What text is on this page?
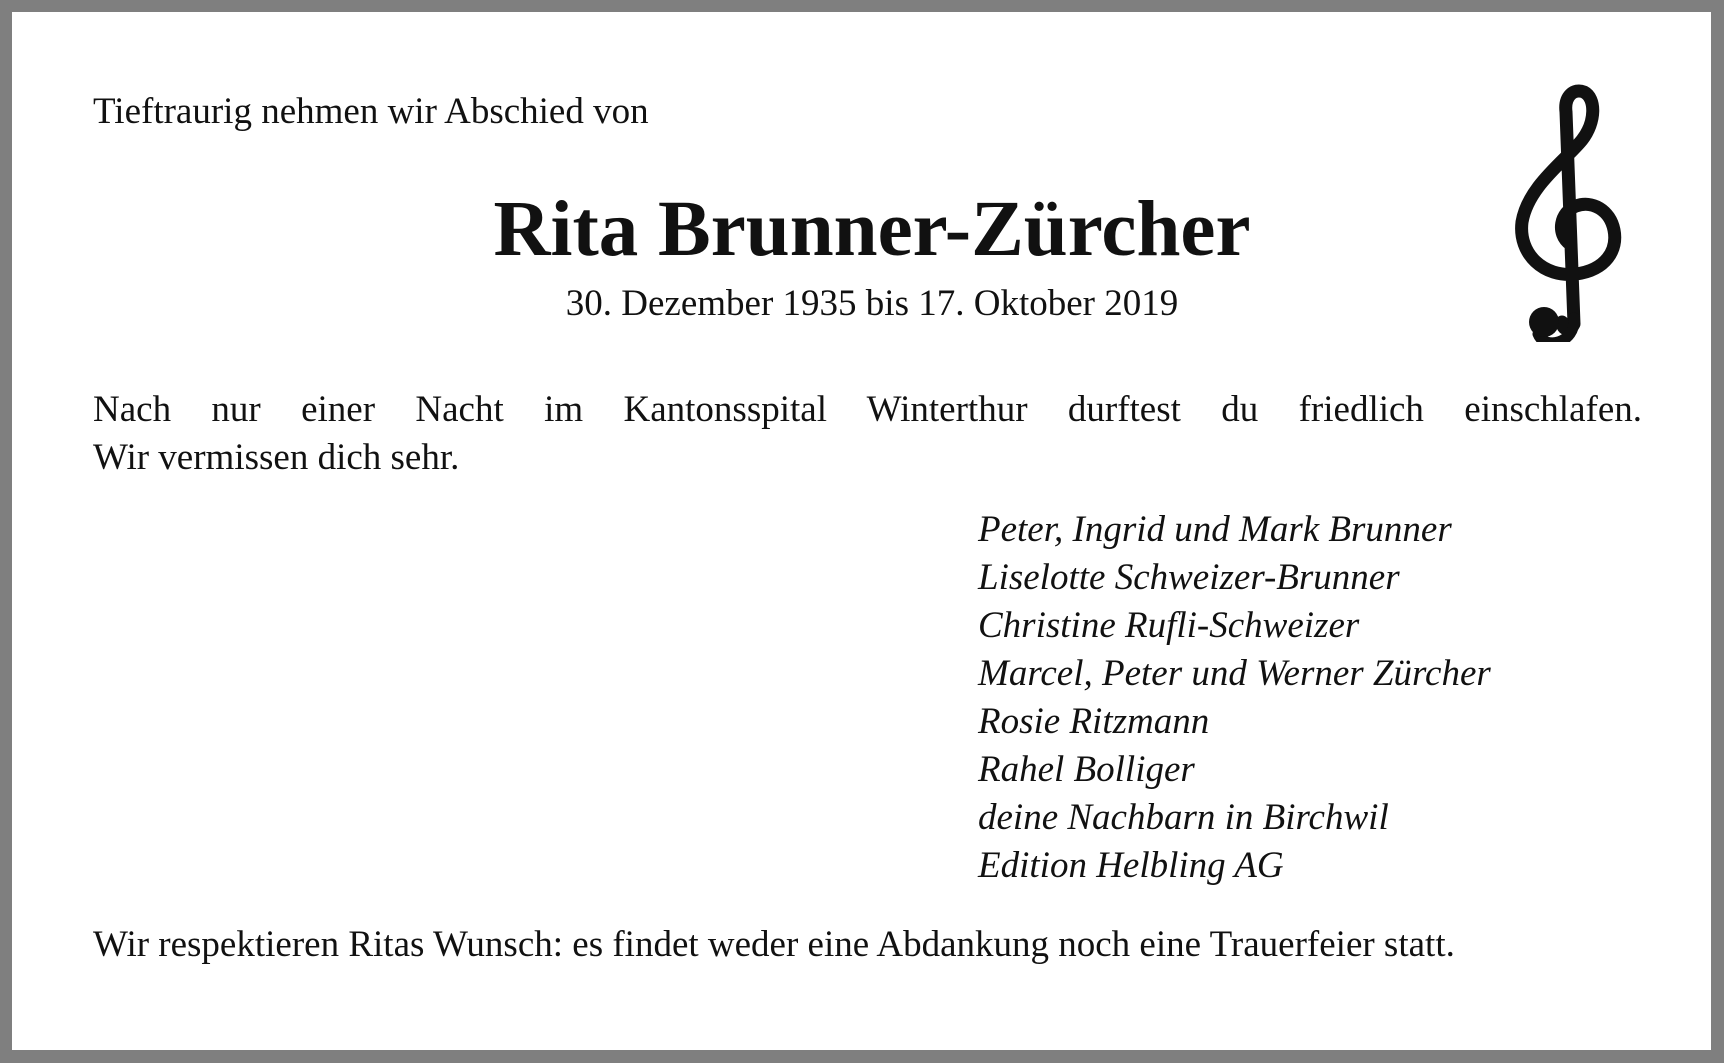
Tieftraurig nehmen wir Abschied von
Rita Brunner-Zürcher
30. Dezember 1935 bis 17. Oktober 2019
Nach nur einer Nacht im Kantonsspital Winterthur durftest du friedlich einschlafen.
Wir vermissen dich sehr.
Peter, Ingrid und Mark Brunner
Liselotte Schweizer-Brunner
Christine Rufli-Schweizer
Marcel, Peter und Werner Zürcher
Rosie Ritzmann
Rahel Bolliger
deine Nachbarn in Birchwil
Edition Helbling AG
Wir respektieren Ritas Wunsch: es findet weder eine Abdankung noch eine Trauerfeier statt.
